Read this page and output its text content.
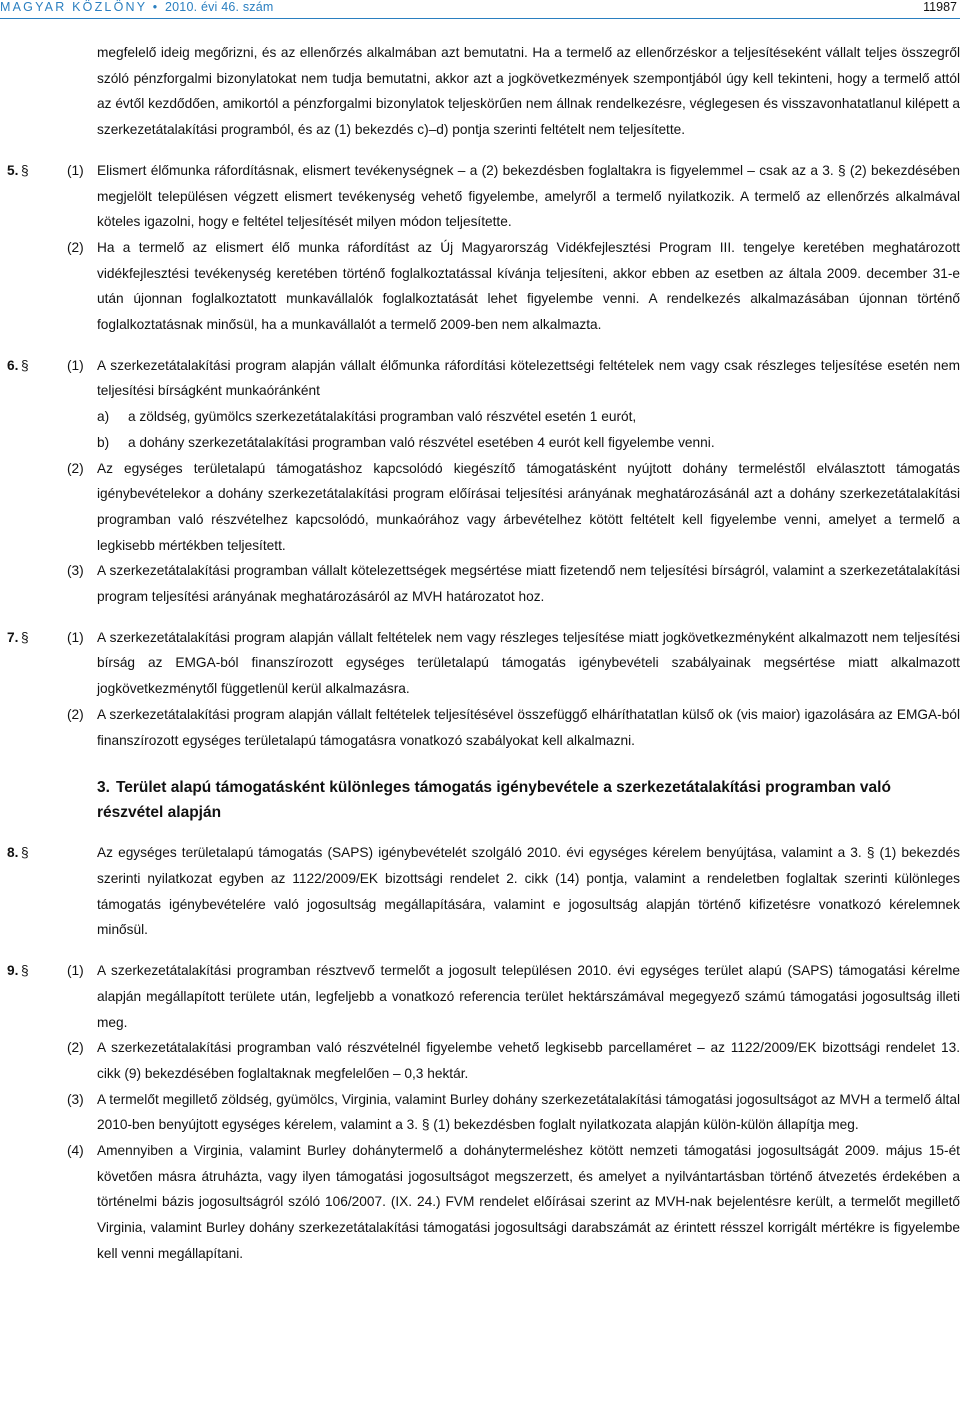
MAGYAR KÖZLÖNY • 2010. évi 46. szám	11987

megfelelő ideig megőrizni, és az ellenőrzés alkalmában azt bemutatni. Ha a termelő az ellenőrzéskor a teljesítéseként vállalt teljes összegről szóló pénzforgalmi bizonylatokat nem tudja bemutatni, akkor azt a jogkövetkezmények szempontjából úgy kell tekinteni, hogy a termelő attól az évtől kezdődően, amikortól a pénzforgalmi bizonylatok teljeskörűen nem állnak rendelkezésre, véglegesen és visszavonhatatlanul kilépett a szerkezetátalakítási programból, és az (1) bekezdés c)–d) pontja szerinti feltételt nem teljesítette.

5. §	(1) Elismert élőmunka ráfordításnak, elismert tevékenységnek – a (2) bekezdésben foglaltakra is figyelemmel – csak az a 3. § (2) bekezdésében megjelölt településen végzett elismert tevékenység vehető figyelembe, amelyről a termelő nyilatkozik. A termelő az ellenőrzés alkalmával köteles igazolni, hogy e feltétel teljesítését milyen módon teljesítette.
(2) Ha a termelő az elismert élő munka ráfordítást az Új Magyarország Vidékfejlesztési Program III. tengelye keretében meghatározott vidékfejlesztési tevékenység keretében történő foglalkoztatással kívánja teljesíteni, akkor ebben az esetben az általa 2009. december 31-e után újonnan foglalkoztatott munkavállalók foglalkoztatását lehet figyelembe venni. A rendelkezés alkalmazásában újonnan történő foglalkoztatásnak minősül, ha a munkavállalót a termelő 2009-ben nem alkalmazta.
6. §	(1) A szerkezetátalakítási program alapján vállalt élőmunka ráfordítási kötelezettségi feltételek nem vagy csak részleges teljesítése esetén nem teljesítési bírságként munkaóránként
a) a zöldség, gyümölcs szerkezetátalakítási programban való részvétel esetén 1 eurót,
b) a dohány szerkezetátalakítási programban való részvétel esetében 4 eurót kell figyelembe venni.
(2) Az egységes területalapú támogatáshoz kapcsolódó kiegészítő támogatásként nyújtott dohány termeléstől elválasztott támogatás igénybevételekor a dohány szerkezetátalakítási program előírásai teljesítési arányának meghatározásánál azt a dohány szerkezetátalakítási programban való részvételhez kapcsolódó, munkaórához vagy árbevételhez kötött feltételt kell figyelembe venni, amelyet a termelő a legkisebb mértékben teljesített.
(3) A szerkezetátalakítási programban vállalt kötelezettségek megsértése miatt fizetendő nem teljesítési bírságról, valamint a szerkezetátalakítási program teljesítési arányának meghatározásáról az MVH határozatot hoz.
7. §	(1) A szerkezetátalakítási program alapján vállalt feltételek nem vagy részleges teljesítése miatt jogkövetkezményként alkalmazott nem teljesítési bírság az EMGA-ból finanszírozott egységes területalapú támogatás igénybevételi szabályainak megsértése miatt alkalmazott jogkövetkezménytől függetlenül kerül alkalmazásra.
(2) A szerkezetátalakítási program alapján vállalt feltételek teljesítésével összefüggő elháríthatatlan külső ok (vis maior) igazolására az EMGA-ból finanszírozott egységes területalapú támogatásra vonatkozó szabályokat kell alkalmazni.
3. Terület alapú támogatásként különleges támogatás igénybevétele a szerkezetátalakítási programban való részvétel alapján
8. §	Az egységes területalapú támogatás (SAPS) igénybevételét szolgáló 2010. évi egységes kérelem benyújtása, valamint a 3. § (1) bekezdés szerinti nyilatkozat egyben az 1122/2009/EK bizottsági rendelet 2. cikk (14) pontja, valamint a rendeletben foglaltak szerinti különleges támogatás igénybevételére való jogosultság megállapítására, valamint e jogosultság alapján történő kifizetésre vonatkozó kérelemnek minősül.
9. §	(1) A szerkezetátalakítási programban résztvevő termelőt a jogosult településen 2010. évi egységes terület alapú (SAPS) támogatási kérelme alapján megállapított területe után, legfeljebb a vonatkozó referencia terület hektárszámával megegyező számú támogatási jogosultság illeti meg.
(2) A szerkezetátalakítási programban való részvételnél figyelembe vehető legkisebb parcellaméret – az 1122/2009/EK bizottsági rendelet 13. cikk (9) bekezdésében foglaltaknak megfelelően – 0,3 hektár.
(3) A termelőt megillető zöldség, gyümölcs, Virginia, valamint Burley dohány szerkezetátalakítási támogatási jogosultságot az MVH a termelő által 2010-ben benyújtott egységes kérelem, valamint a 3. § (1) bekezdésben foglalt nyilatkozata alapján külön-külön állapítja meg.
(4) Amennyiben a Virginia, valamint Burley dohánytermelő a dohánytermeléshez kötött nemzeti támogatási jogosultságát 2009. május 15-ét követően másra átruházta, vagy ilyen támogatási jogosultságot megszerzett, és amelyet a nyilvántartásban történő átvezetés érdekében a történelmi bázis jogosultságról szóló 106/2007. (IX. 24.) FVM rendelet előírásai szerint az MVH-nak bejelentésre került, a termelőt megillető Virginia, valamint Burley dohány szerkezetátalakítási támogatási jogosultsági darabszámát az érintett résszel korrigált mértékre is figyelembe kell venni megállapítani.
